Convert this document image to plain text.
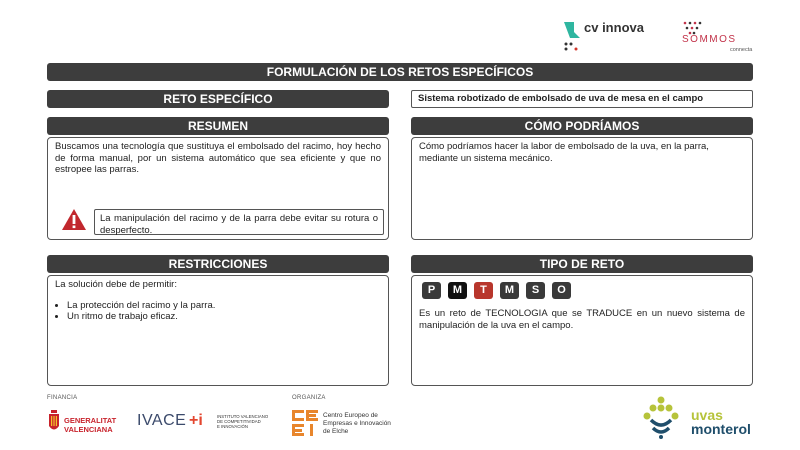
cv innova
SOMMOS
connecta
FORMULACIÓN DE LOS RETOS ESPECÍFICOS
RETO ESPECÍFICO	Sistema robotizado de embolsado de uva de mesa en el campo
RESUMEN
Buscamos una tecnología que sustituya el embolsado del racimo, hoy hecho de forma manual, por un sistema automático que sea eficiente y que no estropee las parras.
La manipulación del racimo y de la parra debe evitar su rotura o desperfecto.
CÓMO PODRÍAMOS
Cómo podríamos hacer la labor de embolsado de la uva, en la parra, mediante un sistema mecánico.
RESTRICCIONES
La solución debe de permitir:
• La protección del racimo y la parra.
• Un ritmo de trabajo eficaz.
TIPO DE RETO
P	M	T	M	S	O
Es un reto de TECNOLOGIA que se TRADUCE en un nuevo sistema de manipulación de la uva en el campo.
FINANCIA	ORGANIZA
GENERALITAT
VALENCIANA
IVACE +i	INSTITUTO VALENCIANO
DE COMPETITIVIDAD
E INNOVACIÓN
Centro Europeo de
Empresas e Innovación
de Elche
uvas
monterol
